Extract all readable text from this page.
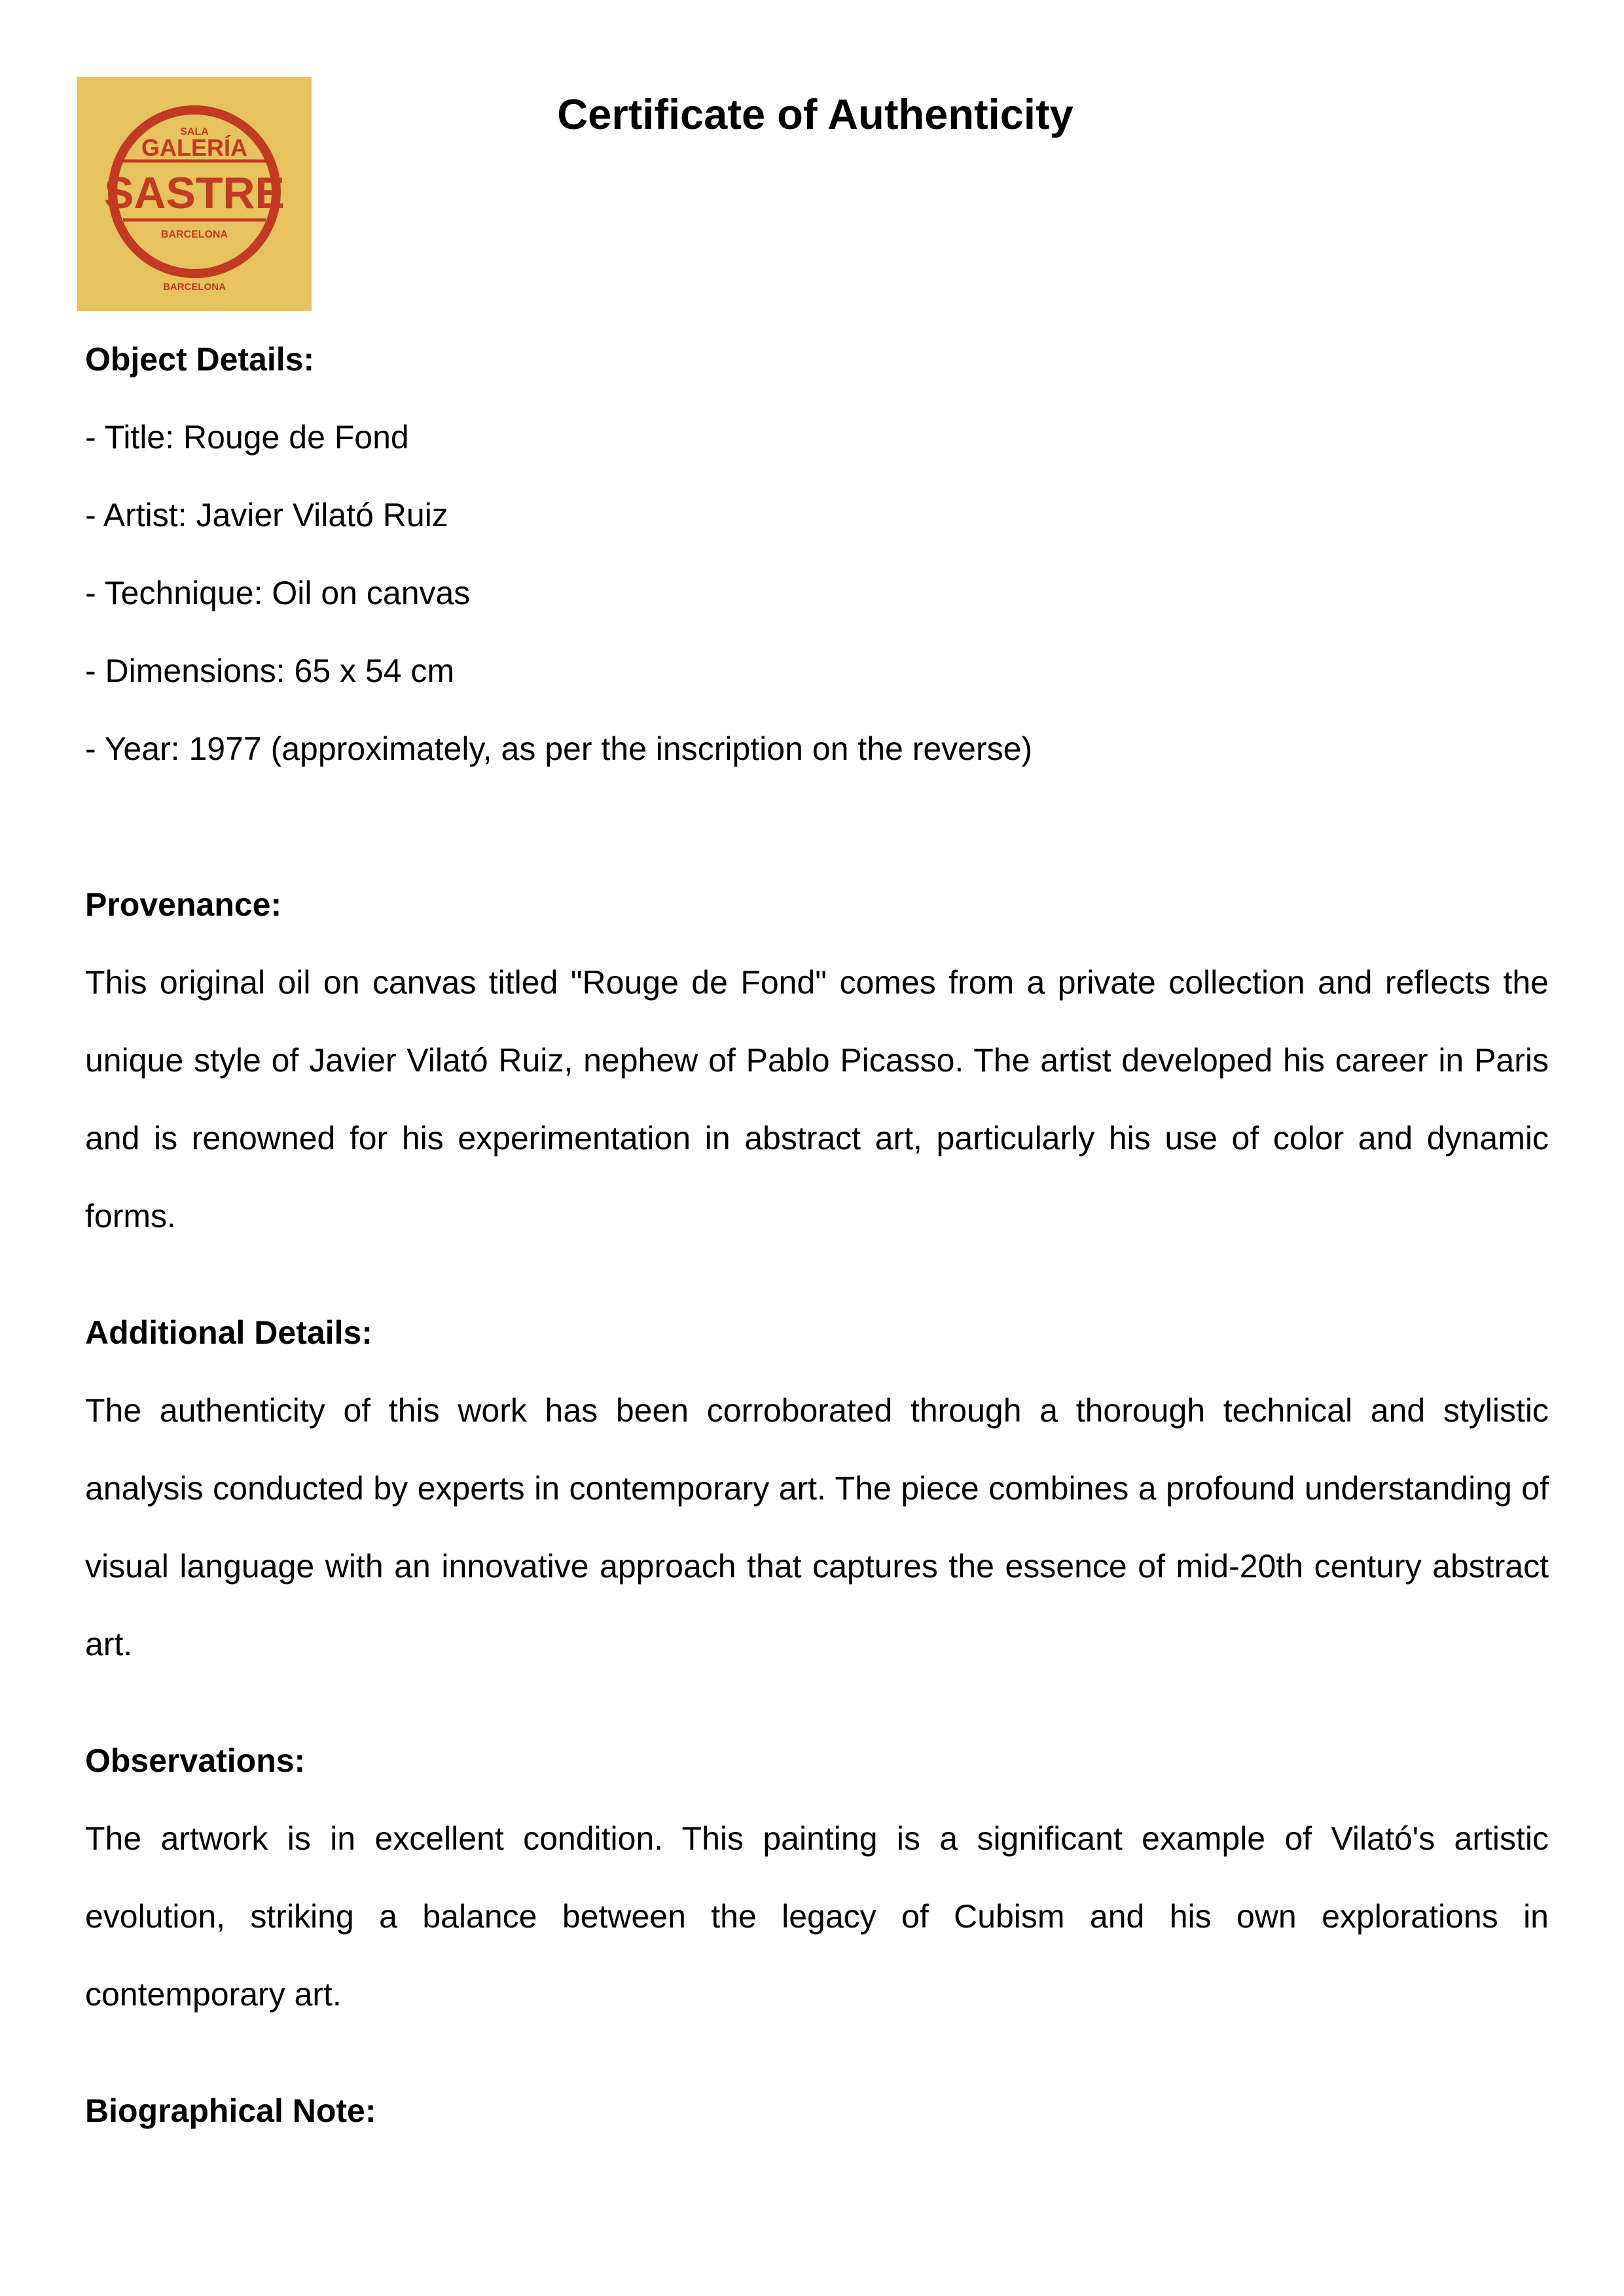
SALA
GALERÍA
SASTRE
BARCELONA
BARCELONA
Certificate of Authenticity

Object Details:

- Title: Rouge de Fond

- Artist: Javier Vilató Ruiz

- Technique: Oil on canvas

- Dimensions: 65 x 54 cm

- Year: 1977 (approximately, as per the inscription on the reverse)

Provenance:

This original oil on canvas titled "Rouge de Fond" comes from a private collection and reflects the unique style of Javier Vilató Ruiz, nephew of Pablo Picasso. The artist developed his career in Paris and is renowned for his experimentation in abstract art, particularly his use of color and dynamic forms.

Additional Details:

The authenticity of this work has been corroborated through a thorough technical and stylistic analysis conducted by experts in contemporary art. The piece combines a profound understanding of visual language with an innovative approach that captures the essence of mid-20th century abstract art.

Observations:

The artwork is in excellent condition. This painting is a significant example of Vilató's artistic evolution, striking a balance between the legacy of Cubism and his own explorations in contemporary art.

Biographical Note:
